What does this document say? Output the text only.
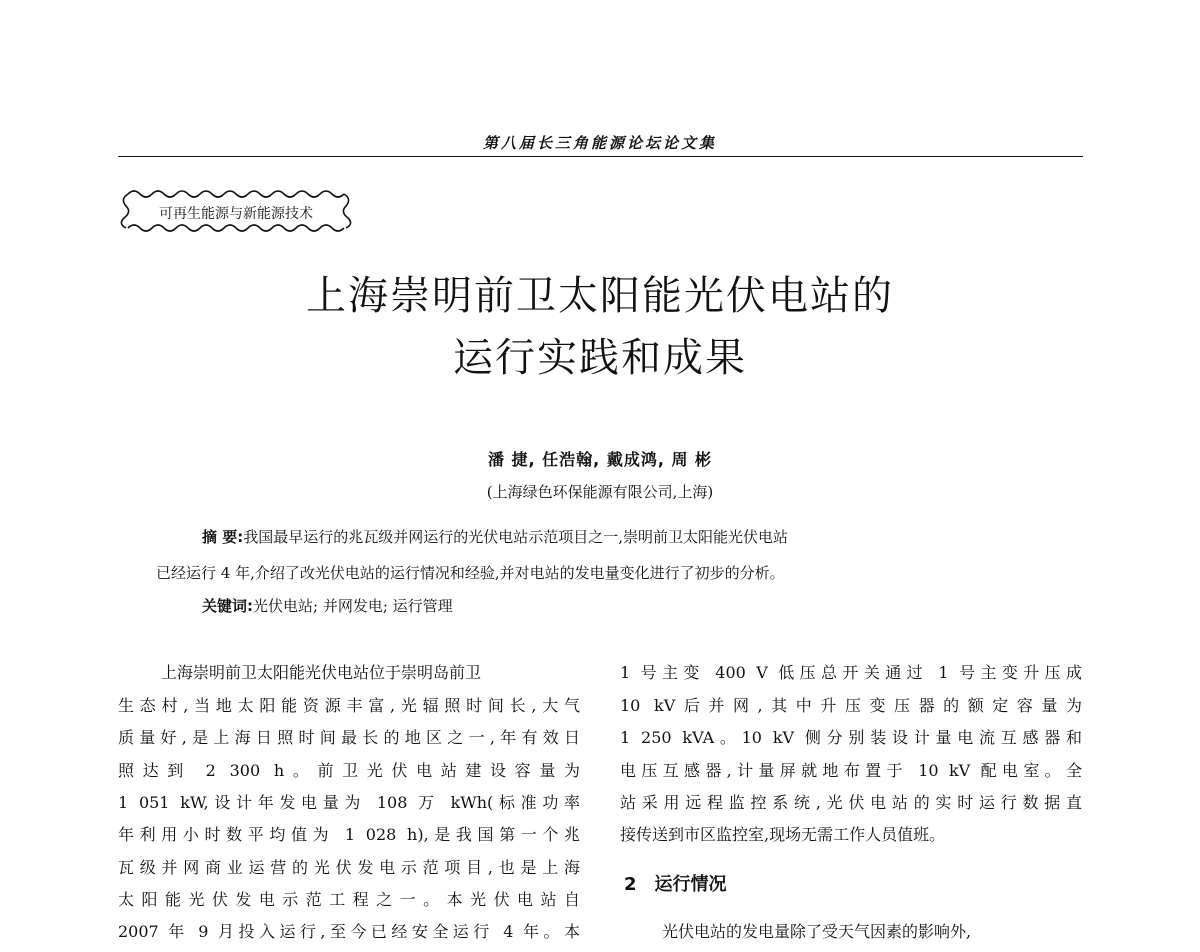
第八届长三角能源论坛论文集
可再生能源与新能源技术
上海崇明前卫太阳能光伏电站的
运行实践和成果
潘 捷, 任浩翰, 戴成鸿, 周 彬
(上海绿色环保能源有限公司,上海)
摘 要:我国最早运行的兆瓦级并网运行的光伏电站示范项目之一,崇明前卫太阳能光伏电站
已经运行 4 年,介绍了改光伏电站的运行情况和经验,并对电站的发电量变化进行了初步的分析。
关键词:光伏电站; 并网发电; 运行管理
上海崇明前卫太阳能光伏电站位于崇明岛前卫
生态村,当地太阳能资源丰富,光辐照时间长,大气
质量好,是上海日照时间最长的地区之一,年有效日
照达到 2 300 h。前卫光伏电站建设容量为
1 051 kW,设计年发电量为 108 万 kWh(标准功率
年利用小时数平均值为 1 028 h),是我国第一个兆
瓦级并网商业运营的光伏发电示范项目,也是上海
太阳能光伏发电示范工程之一。本光伏电站自
2007 年 9 月投入运行,至今已经安全运行 4 年。本
1 号主变 400 V 低压总开关通过 1 号主变升压成
10 kV后并网,其中升压变压器的额定容量为
1 250 kVA。10 kV 侧分别装设计量电流互感器和
电压互感器,计量屏就地布置于 10 kV 配电室。全
站采用远程监控系统,光伏电站的实时运行数据直
接传送到市区监控室,现场无需工作人员值班。
2 运行情况
光伏电站的发电量除了受天气因素的影响外,
